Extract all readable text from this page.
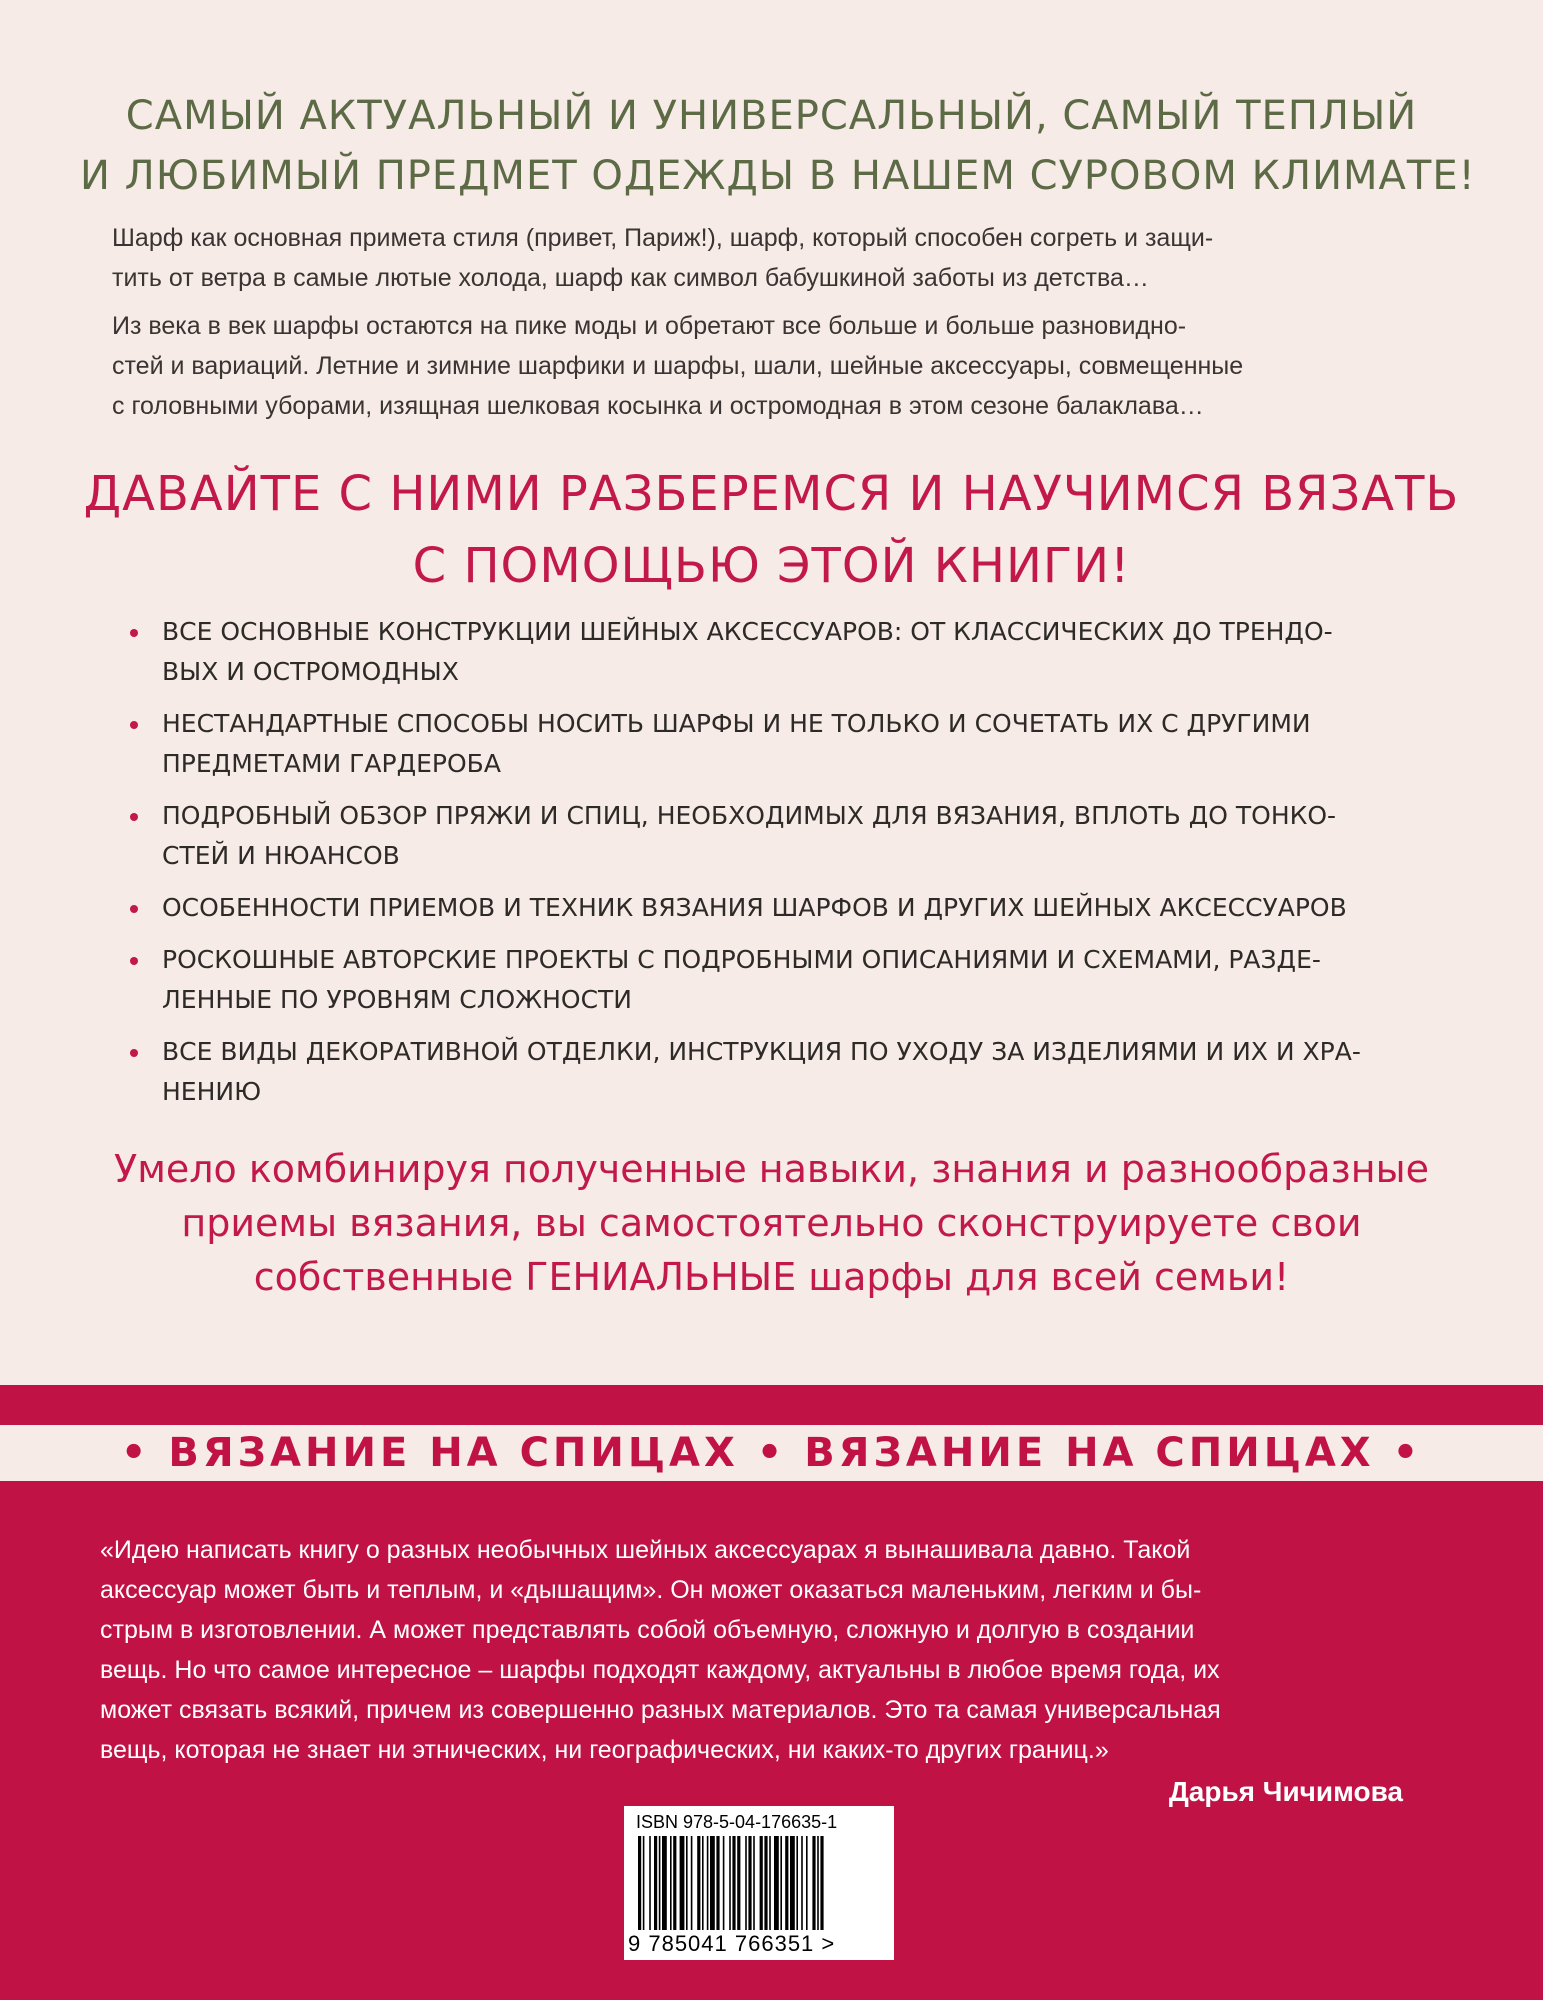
САМЫЙ АКТУАЛЬНЫЙ И УНИВЕРСАЛЬНЫЙ, САМЫЙ ТЕПЛЫЙ
И ЛЮБИМЫЙ ПРЕДМЕТ ОДЕЖДЫ В НАШЕМ СУРОВОМ КЛИМАТЕ!
Шарф как основная примета стиля (привет, Париж!), шарф, который способен согреть и защи-
тить от ветра в самые лютые холода, шарф как символ бабушкиной заботы из детства…
Из века в век шарфы остаются на пике моды и обретают все больше и больше разновидно-
стей и вариаций. Летние и зимние шарфики и шарфы, шали, шейные аксессуары, совмещенные
с головными уборами, изящная шелковая косынка и остромодная в этом сезоне балаклава…
ДАВАЙТЕ С НИМИ РАЗБЕРЕМСЯ И НАУЧИМСЯ ВЯЗАТЬ
С ПОМОЩЬЮ ЭТОЙ КНИГИ!
ВСЕ ОСНОВНЫЕ КОНСТРУКЦИИ ШЕЙНЫХ АКСЕССУАРОВ: ОТ КЛАССИЧЕСКИХ ДО ТРЕНДО-
ВЫХ И ОСТРОМОДНЫХ
НЕСТАНДАРТНЫЕ СПОСОБЫ НОСИТЬ ШАРФЫ И НЕ ТОЛЬКО И СОЧЕТАТЬ ИХ С ДРУГИМИ
ПРЕДМЕТАМИ ГАРДЕРОБА
ПОДРОБНЫЙ ОБЗОР ПРЯЖИ И СПИЦ, НЕОБХОДИМЫХ ДЛЯ ВЯЗАНИЯ, ВПЛОТЬ ДО ТОНКО-
СТЕЙ И НЮАНСОВ
ОСОБЕННОСТИ ПРИЕМОВ И ТЕХНИК ВЯЗАНИЯ ШАРФОВ И ДРУГИХ ШЕЙНЫХ АКСЕССУАРОВ
РОСКОШНЫЕ АВТОРСКИЕ ПРОЕКТЫ С ПОДРОБНЫМИ ОПИСАНИЯМИ И СХЕМАМИ, РАЗДЕ-
ЛЕННЫЕ ПО УРОВНЯМ СЛОЖНОСТИ
ВСЕ ВИДЫ ДЕКОРАТИВНОЙ ОТДЕЛКИ, ИНСТРУКЦИЯ ПО УХОДУ ЗА ИЗДЕЛИЯМИ И ИХ И ХРА-
НЕНИЮ
Умело комбинируя полученные навыки, знания и разнообразные
приемы вязания, вы самостоятельно сконструируете свои
собственные ГЕНИАЛЬНЫЕ шарфы для всей семьи!
• ВЯЗАНИЕ НА СПИЦАХ • ВЯЗАНИЕ НА СПИЦАХ •
«Идею написать книгу о разных необычных шейных аксессуарах я вынашивала давно. Такой
аксессуар может быть и теплым, и «дышащим». Он может оказаться маленьким, легким и бы-
стрым в изготовлении. А может представлять собой объемную, сложную и долгую в создании
вещь. Но что самое интересное – шарфы подходят каждому, актуальны в любое время года, их
может связать всякий, причем из совершенно разных материалов. Это та самая универсальная
вещь, которая не знает ни этнических, ни географических, ни каких-то других границ.»
Дарья Чичимова
ISBN 978-5-04-176635-1
9 785041 766351 >
